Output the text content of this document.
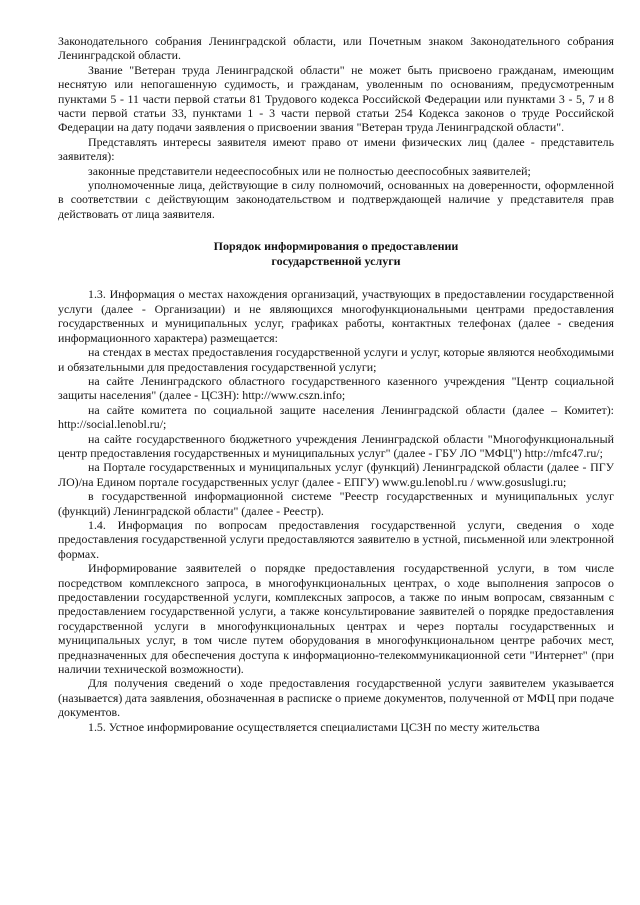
Законодательного собрания Ленинградской области, или Почетным знаком Законодательного собрания Ленинградской области.

Звание "Ветеран труда Ленинградской области" не может быть присвоено гражданам, имеющим неснятую или непогашенную судимость, и гражданам, уволенным по основаниям, предусмотренным пунктами 5 - 11 части первой статьи 81 Трудового кодекса Российской Федерации или пунктами 3 - 5, 7 и 8 части первой статьи 33, пунктами 1 - 3 части первой статьи 254 Кодекса законов о труде Российской Федерации на дату подачи заявления о присвоении звания "Ветеран труда Ленинградской области".

Представлять интересы заявителя имеют право от имени физических лиц (далее - представитель заявителя):

законные представители недееспособных или не полностью дееспособных заявителей;

уполномоченные лица, действующие в силу полномочий, основанных на доверенности, оформленной в соответствии с действующим законодательством и подтверждающей наличие у представителя прав действовать от лица заявителя.

Порядок информирования о предоставлении
государственной услуги

1.3. Информация о местах нахождения организаций, участвующих в предоставлении государственной услуги (далее - Организации) и не являющихся многофункциональными центрами предоставления государственных и муниципальных услуг, графиках работы, контактных телефонах (далее - сведения информационного характера) размещается:

на стендах в местах предоставления государственной услуги и услуг, которые являются необходимыми и обязательными для предоставления государственной услуги;

на сайте Ленинградского областного государственного казенного учреждения "Центр социальной защиты населения" (далее - ЦСЗН): http://www.cszn.info;

на сайте комитета по социальной защите населения Ленинградской области (далее – Комитет): http://social.lenobl.ru/;

на сайте государственного бюджетного учреждения Ленинградской области "Многофункциональный центр предоставления государственных и муниципальных услуг" (далее - ГБУ ЛО "МФЦ") http://mfc47.ru/;

на Портале государственных и муниципальных услуг (функций) Ленинградской области (далее - ПГУ ЛО)/на Едином портале государственных услуг (далее - ЕПГУ) www.gu.lenobl.ru / www.gosuslugi.ru;

в государственной информационной системе "Реестр государственных и муниципальных услуг (функций) Ленинградской области" (далее - Реестр).

1.4. Информация по вопросам предоставления государственной услуги, сведения о ходе предоставления государственной услуги предоставляются заявителю в устной, письменной или электронной формах.

Информирование заявителей о порядке предоставления государственной услуги, в том числе посредством комплексного запроса, в многофункциональных центрах, о ходе выполнения запросов о предоставлении государственной услуги, комплексных запросов, а также по иным вопросам, связанным с предоставлением государственной услуги, а также консультирование заявителей о порядке предоставления государственной услуги в многофункциональных центрах и через порталы государственных и муниципальных услуг, в том числе путем оборудования в многофункциональном центре рабочих мест, предназначенных для обеспечения доступа к информационно-телекоммуникационной сети "Интернет" (при наличии технической возможности).

Для получения сведений о ходе предоставления государственной услуги заявителем указывается (называется) дата заявления, обозначенная в расписке о приеме документов, полученной от МФЦ при подаче документов.

1.5. Устное информирование осуществляется специалистами ЦСЗН по месту жительства
